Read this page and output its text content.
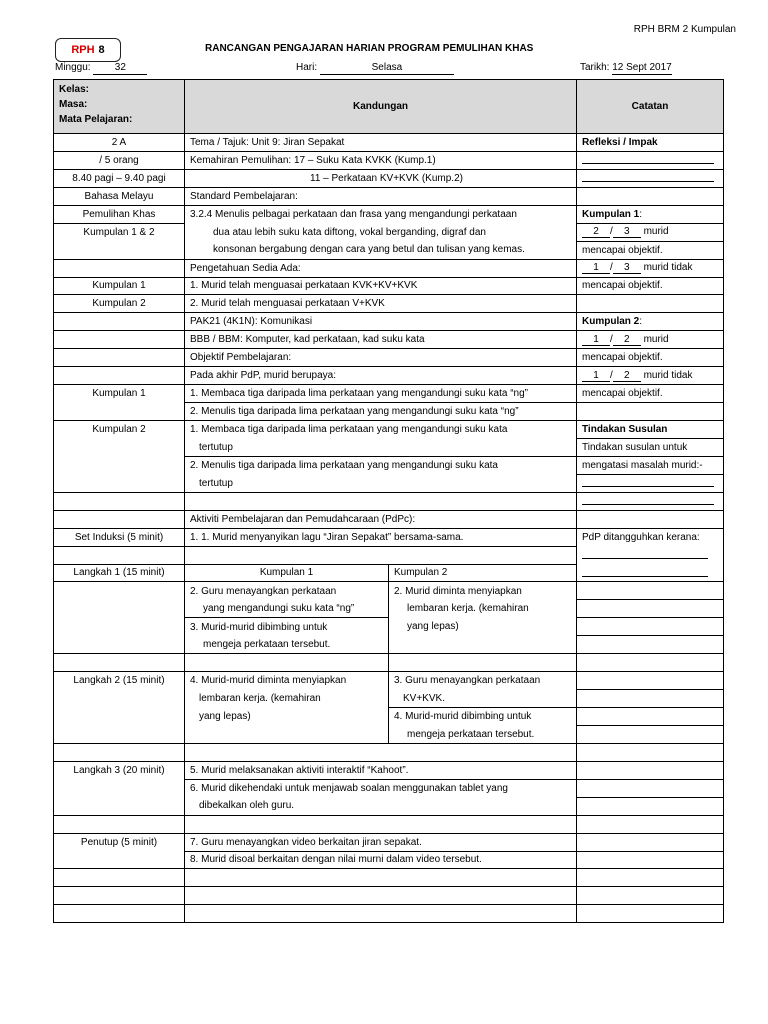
RPH BRM 2 Kumpulan
RPH 8	RANCANGAN PENGAJARAN HARIAN PROGRAM PEMULIHAN KHAS
Minggu: 32	Hari:	Selasa	Tarikh: 12 Sept 2017
Kelas:
Masa:
Mata Pelajaran:	Kandungan		Catatan

2 A	Tema / Tajuk: Unit 9: Jiran Sepakat		Refleksi / Impak
/ 5 orang	Kemahiran Pemulihan: 17 – Suku Kata KVKK (Kump.1)		
8.40 pagi – 9.40 pagi	11 – Perkataan KV+KVK (Kump.2)		
Bahasa Melayu	Standard Pembelajaran:		
Pemulihan Khas	3.2.4 Menulis pelbagai perkataan dan frasa yang mengandungi perkataan		Kumpulan 1:
Kumpulan 1 & 2	dua atau lebih suku kata diftong, vokal berganding, digraf dan		2 / 3 murid
	konsonan bergabung dengan cara yang betul dan tulisan yang kemas.		mencapai objektif.
	Pengetahuan Sedia Ada:		1 / 3 murid tidak
Kumpulan 1	1. Murid telah menguasai perkataan KVK+KV+KVK		mencapai objektif.
Kumpulan 2	2. Murid telah menguasai perkataan V+KVK		
	PAK21 (4K1N): Komunikasi		Kumpulan 2:
	BBB / BBM: Komputer, kad perkataan, kad suku kata		1 / 2 murid
	Objektif Pembelajaran:		mencapai objektif.
	Pada akhir PdP, murid berupaya:		1 / 2 murid tidak
Kumpulan 1	1. Membaca tiga daripada lima perkataan yang mengandungi suku kata “ng”		mencapai objektif.
	2. Menulis tiga daripada lima perkataan yang mengandungi suku kata “ng”		
Kumpulan 2	1. Membaca tiga daripada lima perkataan yang mengandungi suku kata		Tindakan Susulan
	tertutup		Tindakan susulan untuk
	2. Menulis tiga daripada lima perkataan yang mengandungi suku kata		mengatasi masalah murid:-
	tertutup		

	Aktiviti Pembelajaran dan Pemudahcaraan (PdPc):		
Set Induksi (5 minit)	1. 1. Murid menyanyikan lagu “Jiran Sepakat” bersama-sama.		PdP ditangguhkan kerana:

Langkah 1 (15 minit)	Kumpulan 1	Kumpulan 2	
	2. Guru menayangkan perkataan	2. Murid diminta menyiapkan	
	yang mengandungi suku kata “ng”	lembaran kerja. (kemahiran	
	3. Murid-murid dibimbing untuk	yang lepas)	
	mengeja perkataan tersebut.		

Langkah 2 (15 minit)	4. Murid-murid diminta menyiapkan	3. Guru menayangkan perkataan	
	lembaran kerja. (kemahiran	KV+KVK.	
	yang lepas)	4. Murid-murid dibimbing untuk	
		mengeja perkataan tersebut.	

Langkah 3 (20 minit)	5. Murid melaksanakan aktiviti interaktif “Kahoot”.		
	6. Murid dikehendaki untuk menjawab soalan menggunakan tablet yang		
	dibekalkan oleh guru.		

Penutup (5 minit)	7. Guru menayangkan video berkaitan jiran sepakat.		
	8. Murid disoal berkaitan dengan nilai murni dalam video tersebut.		
